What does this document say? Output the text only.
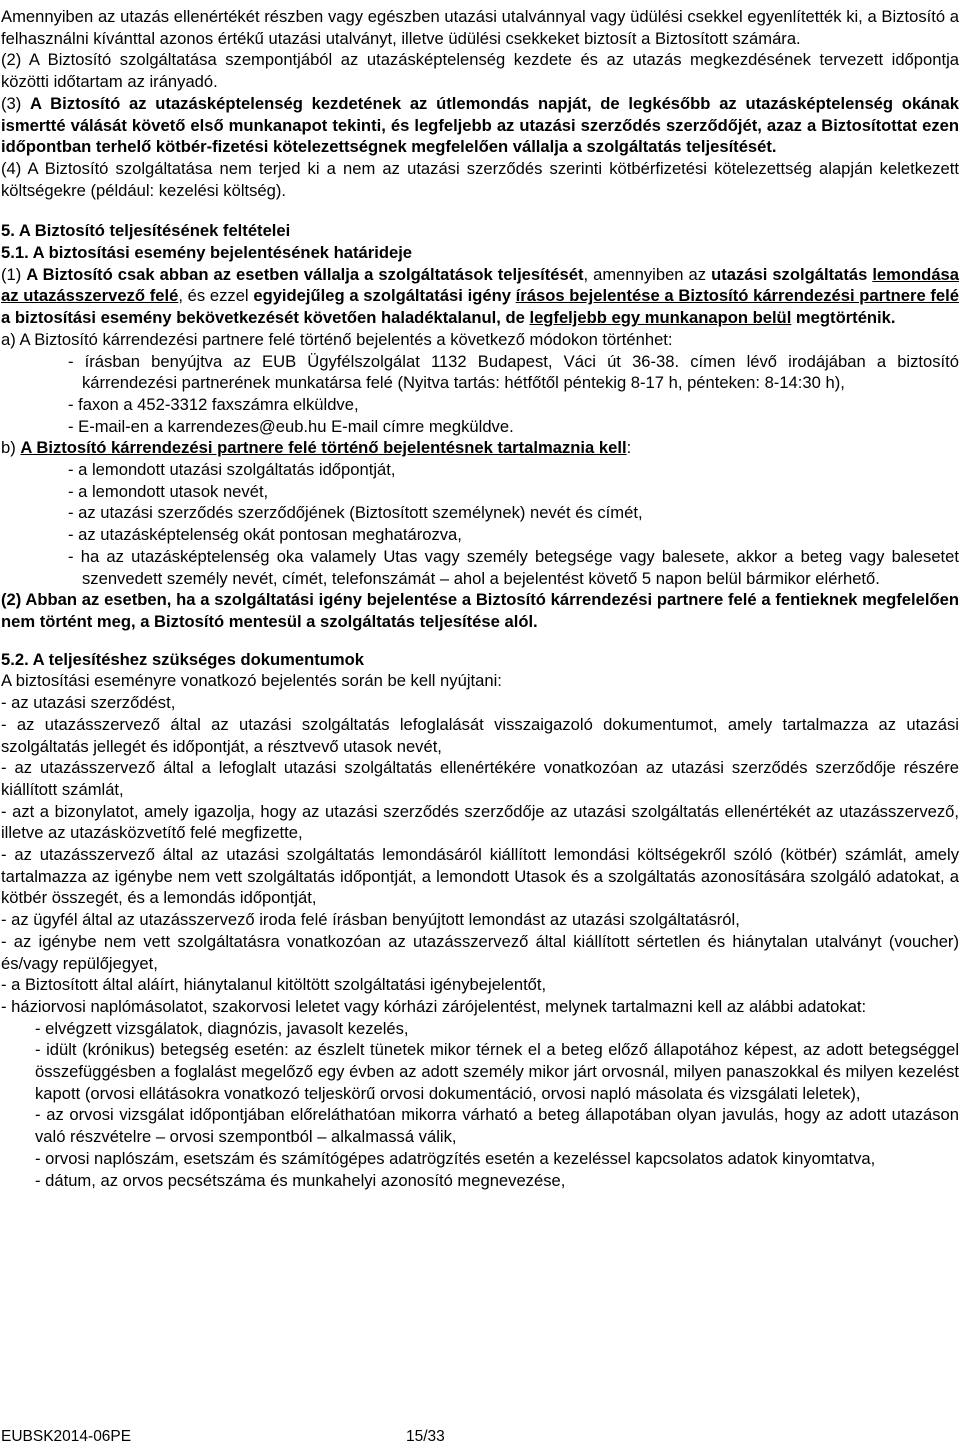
Amennyiben az utazás ellenértékét részben vagy egészben utazási utalvánnyal vagy üdülési csekkel egyenlítették ki, a Biztosító a felhasználni kívánttal azonos értékű utazási utalványt, illetve üdülési csekkeket biztosít a Biztosított számára.

(2) A Biztosító szolgáltatása szempontjából az utazásképtelenség kezdete és az utazás megkezdésének tervezett időpontja közötti időtartam az irányadó.

(3) A Biztosító az utazásképtelenség kezdetének az útlemondás napját, de legkésőbb az utazásképtelenség okának ismertté válását követő első munkanapot tekinti, és legfeljebb az utazási szerződés szerződőjét, azaz a Biztosítottat ezen időpontban terhelő kötbér-fizetési kötelezettségnek megfelelően vállalja a szolgáltatás teljesítését.

(4) A Biztosító szolgáltatása nem terjed ki a nem az utazási szerződés szerinti kötbérfizetési kötelezettség alapján keletkezett költségekre (például: kezelési költség).

5. A Biztosító teljesítésének feltételei

5.1. A biztosítási esemény bejelentésének határideje

(1) A Biztosító csak abban az esetben vállalja a szolgáltatások teljesítését, amennyiben az utazási szolgáltatás lemondása az utazásszervező felé, és ezzel egyidejűleg a szolgáltatási igény írásos bejelentése a Biztosító kárrendezési partnere felé a biztosítási esemény bekövetkezését követően haladéktalanul, de legfeljebb egy munkanapon belül megtörténik.

a) A Biztosító kárrendezési partnere felé történő bejelentés a következő módokon történhet:

- írásban benyújtva az EUB Ügyfélszolgálat 1132 Budapest, Váci út 36-38. címen lévő irodájában a biztosító kárrendezési partnerének munkatársa felé (Nyitva tartás: hétfőtől péntekig 8-17 h, pénteken: 8-14:30 h),

- faxon a 452-3312 faxszámra elküldve,

- E-mail-en a karrendezes@eub.hu E-mail címre megküldve.

b) A Biztosító kárrendezési partnere felé történő bejelentésnek tartalmaznia kell:

- a lemondott utazási szolgáltatás időpontját,

- a lemondott utasok nevét,

- az utazási szerződés szerződőjének (Biztosított személynek) nevét és címét,

- az utazásképtelenség okát pontosan meghatározva,

- ha az utazásképtelenség oka valamely Utas vagy személy betegsége vagy balesete, akkor a beteg vagy balesetet szenvedett személy nevét, címét, telefonszámát – ahol a bejelentést követő 5 napon belül bármikor elérhető.

(2) Abban az esetben, ha a szolgáltatási igény bejelentése a Biztosító kárrendezési partnere felé a fentieknek megfelelően nem történt meg, a Biztosító mentesül a szolgáltatás teljesítése alól.

5.2. A teljesítéshez szükséges dokumentumok

A biztosítási eseményre vonatkozó bejelentés során be kell nyújtani:

- az utazási szerződést,

- az utazásszervező által az utazási szolgáltatás lefoglalását visszaigazoló dokumentumot, amely tartalmazza az utazási szolgáltatás jellegét és időpontját, a résztvevő utasok nevét,

- az utazásszervező által a lefoglalt utazási szolgáltatás ellenértékére vonatkozóan az utazási szerződés szerződője részére kiállított számlát,

- azt a bizonylatot, amely igazolja, hogy az utazási szerződés szerződője az utazási szolgáltatás ellenértékét az utazásszervező, illetve az utazásközvetítő felé megfizette,

- az utazásszervező által az utazási szolgáltatás lemondásáról kiállított lemondási költségekről szóló (kötbér) számlát, amely tartalmazza az igénybe nem vett szolgáltatás időpontját, a lemondott Utasok és a szolgáltatás azonosítására szolgáló adatokat, a kötbér összegét, és a lemondás időpontját,

- az ügyfél által az utazásszervező iroda felé írásban benyújtott lemondást az utazási szolgáltatásról,

- az igénybe nem vett szolgáltatásra vonatkozóan az utazásszervező által kiállított sértetlen és hiánytalan utalványt (voucher) és/vagy repülőjegyet,

- a Biztosított által aláírt, hiánytalanul kitöltött szolgáltatási igénybejelentőt,

- háziorvosi naplómásolatot, szakorvosi leletet vagy kórházi zárójelentést, melynek tartalmazni kell az alábbi adatokat:

- elvégzett vizsgálatok, diagnózis, javasolt kezelés,

- idült (krónikus) betegség esetén: az észlelt tünetek mikor térnek el a beteg előző állapotához képest, az adott betegséggel összefüggésben a foglalást megelőző egy évben az adott személy mikor járt orvosnál, milyen panaszokkal és milyen kezelést kapott (orvosi ellátásokra vonatkozó teljeskörű orvosi dokumentáció, orvosi napló másolata és vizsgálati leletek),

- az orvosi vizsgálat időpontjában előreláthatóan mikorra várható a beteg állapotában olyan javulás, hogy az adott utazáson való részvételre – orvosi szempontból – alkalmassá válik,

- orvosi naplószám, esetszám és számítógépes adatrögzítés esetén a kezeléssel kapcsolatos adatok kinyomtatva,

- dátum, az orvos pecsétszáma és munkahelyi azonosító megnevezése,

EUBSK2014-06PE	15/33
